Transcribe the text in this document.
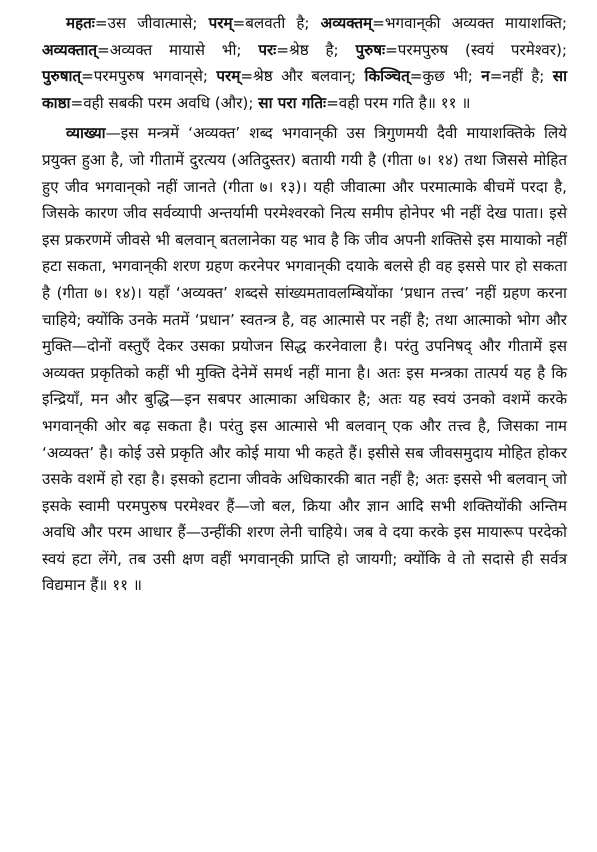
महतः=उस जीवात्मासे; परम्=बलवती है; अव्यक्तम्=भगवान्‌की अव्यक्त मायाशक्ति; अव्यक्तात्=अव्यक्त मायासे भी; परः=श्रेष्ठ है; पुरुषः=परमपुरुष (स्वयं परमेश्वर); पुरुषात्=परमपुरुष भगवान्‌से; परम्=श्रेष्ठ और बलवान्; किञ्चित्=कुछ भी; न=नहीं है; सा काष्ठा=वही सबकी परम अवधि (और); सा परा गतिः=वही परम गति है॥ ११ ॥

व्याख्या—इस मन्त्रमें ‘अव्यक्त’ शब्द भगवान्‌की उस त्रिगुणमयी दैवी मायाशक्तिके लिये प्रयुक्त हुआ है, जो गीतामें दुरत्यय (अतिदुस्तर) बतायी गयी है (गीता ७। १४) तथा जिससे मोहित हुए जीव भगवान्‌को नहीं जानते (गीता ७। १३)। यही जीवात्मा और परमात्माके बीचमें परदा है, जिसके कारण जीव सर्वव्यापी अन्तर्यामी परमेश्वरको नित्य समीप होनेपर भी नहीं देख पाता। इसे इस प्रकरणमें जीवसे भी बलवान् बतलानेका यह भाव है कि जीव अपनी शक्तिसे इस मायाको नहीं हटा सकता, भगवान्‌की शरण ग्रहण करनेपर भगवान्‌की दयाके बलसे ही वह इससे पार हो सकता है (गीता ७। १४)। यहाँ ‘अव्यक्त’ शब्दसे सांख्यमतावलम्बियोंका ‘प्रधान तत्त्व’ नहीं ग्रहण करना चाहिये; क्योंकि उनके मतमें ‘प्रधान’ स्वतन्त्र है, वह आत्मासे पर नहीं है; तथा आत्माको भोग और मुक्ति—दोनों वस्तुएँ देकर उसका प्रयोजन सिद्ध करनेवाला है। परंतु उपनिषद् और गीतामें इस अव्यक्त प्रकृतिको कहीं भी मुक्ति देनेमें समर्थ नहीं माना है। अतः इस मन्त्रका तात्पर्य यह है कि इन्द्रियाँ, मन और बुद्धि—इन सबपर आत्माका अधिकार है; अतः यह स्वयं उनको वशमें करके भगवान्‌की ओर बढ़ सकता है। परंतु इस आत्मासे भी बलवान् एक और तत्त्व है, जिसका नाम ‘अव्यक्त’ है। कोई उसे प्रकृति और कोई माया भी कहते हैं। इसीसे सब जीवसमुदाय मोहित होकर उसके वशमें हो रहा है। इसको हटाना जीवके अधिकारकी बात नहीं है; अतः इससे भी बलवान् जो इसके स्वामी परमपुरुष परमेश्वर हैं—जो बल, क्रिया और ज्ञान आदि सभी शक्तियोंकी अन्तिम अवधि और परम आधार हैं—उन्हींकी शरण लेनी चाहिये। जब वे दया करके इस मायारूप परदेको स्वयं हटा लेंगे, तब उसी क्षण वहीं भगवान्‌की प्राप्ति हो जायगी; क्योंकि वे तो सदासे ही सर्वत्र विद्यमान हैं॥ ११ ॥
